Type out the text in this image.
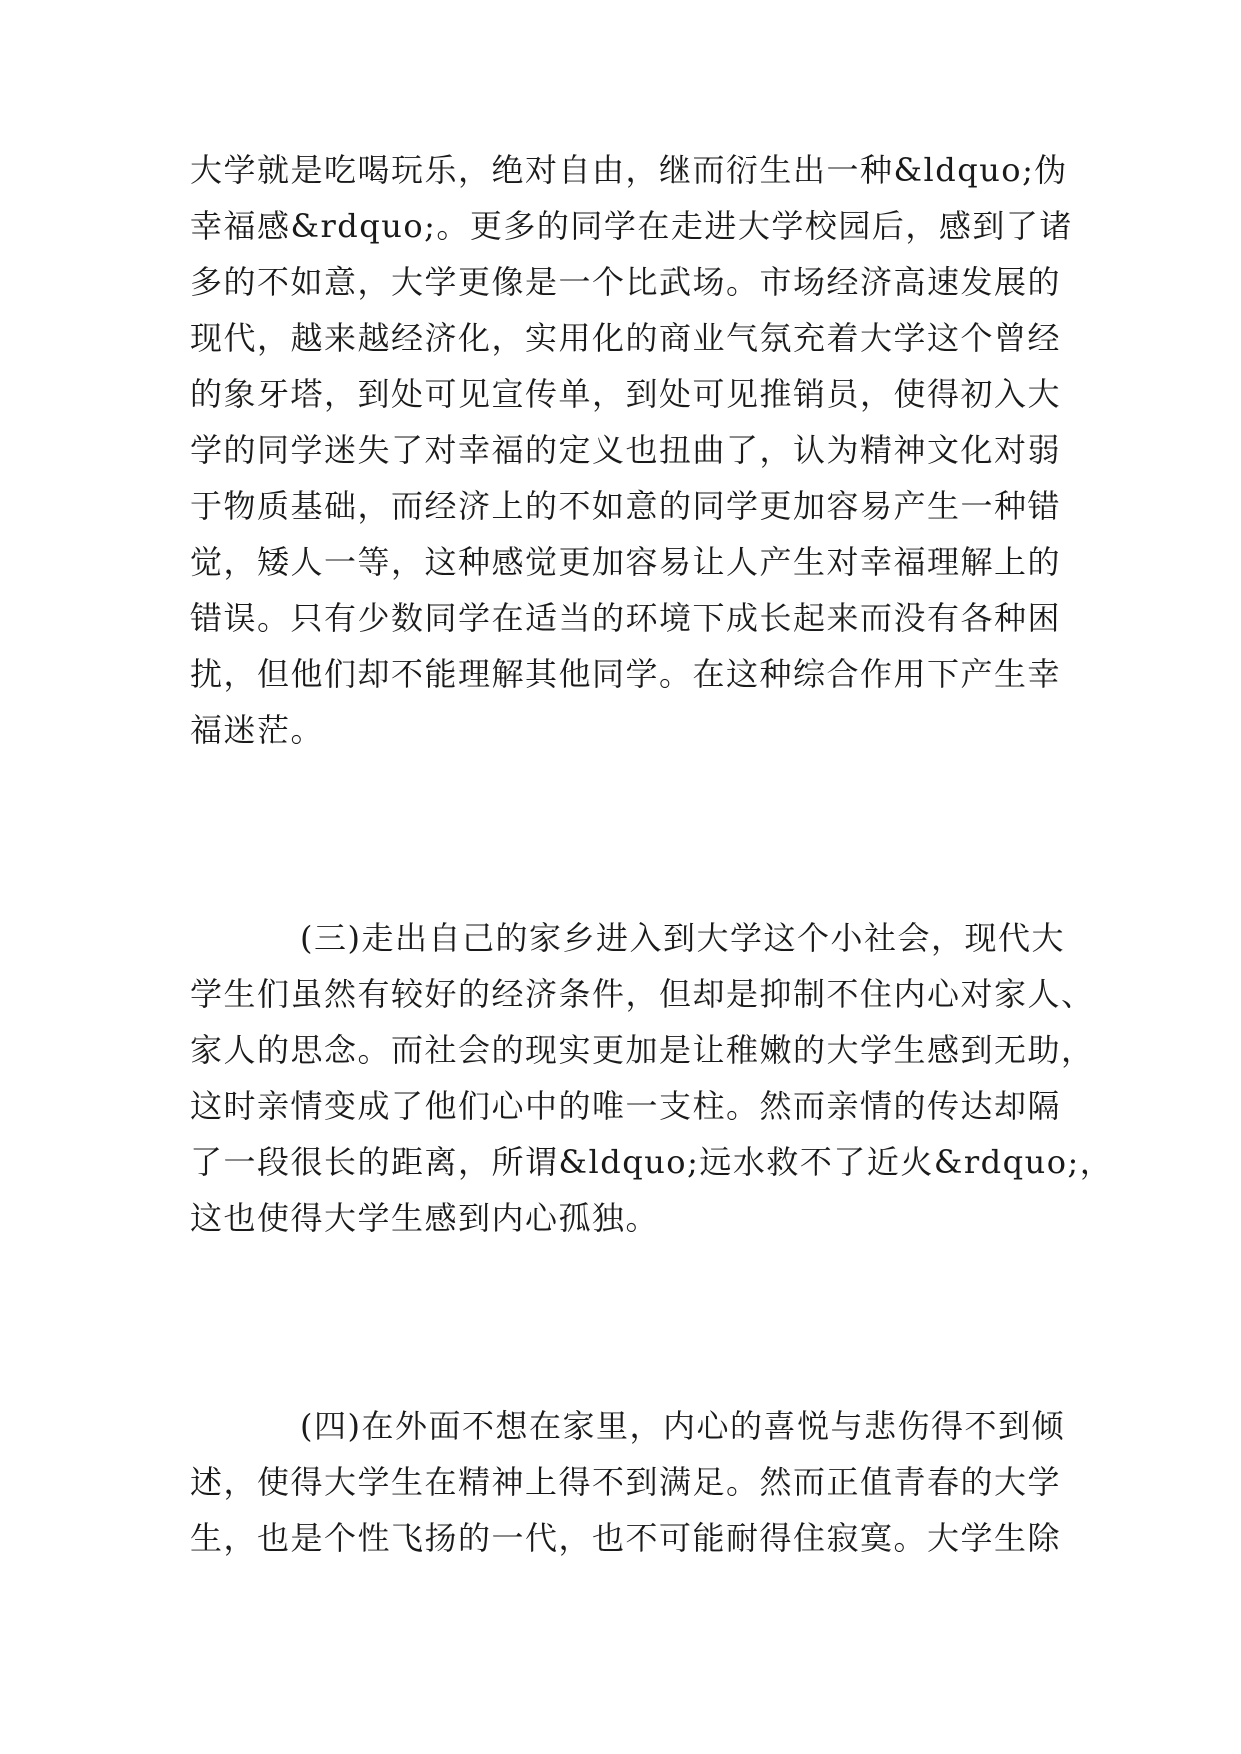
大学就是吃喝玩乐，绝对自由，继而衍生出一种&ldquo;伪
幸福感&rdquo;。更多的同学在走进大学校园后，感到了诸
多的不如意，大学更像是一个比武场。市场经济高速发展的
现代，越来越经济化，实用化的商业气氛充着大学这个曾经
的象牙塔，到处可见宣传单，到处可见推销员，使得初入大
学的同学迷失了对幸福的定义也扭曲了，认为精神文化对弱
于物质基础，而经济上的不如意的同学更加容易产生一种错
觉，矮人一等，这种感觉更加容易让人产生对幸福理解上的
错误。只有少数同学在适当的环境下成长起来而没有各种困
扰，但他们却不能理解其他同学。在这种综合作用下产生幸
福迷茫。
(三)走出自己的家乡进入到大学这个小社会，现代大
学生们虽然有较好的经济条件，但却是抑制不住内心对家人、
家人的思念。而社会的现实更加是让稚嫩的大学生感到无助，
这时亲情变成了他们心中的唯一支柱。然而亲情的传达却隔
了一段很长的距离，所谓&ldquo;远水救不了近火&rdquo;，
这也使得大学生感到内心孤独。
(四)在外面不想在家里，内心的喜悦与悲伤得不到倾
述，使得大学生在精神上得不到满足。然而正值青春的大学
生，也是个性飞扬的一代，也不可能耐得住寂寞。大学生除
